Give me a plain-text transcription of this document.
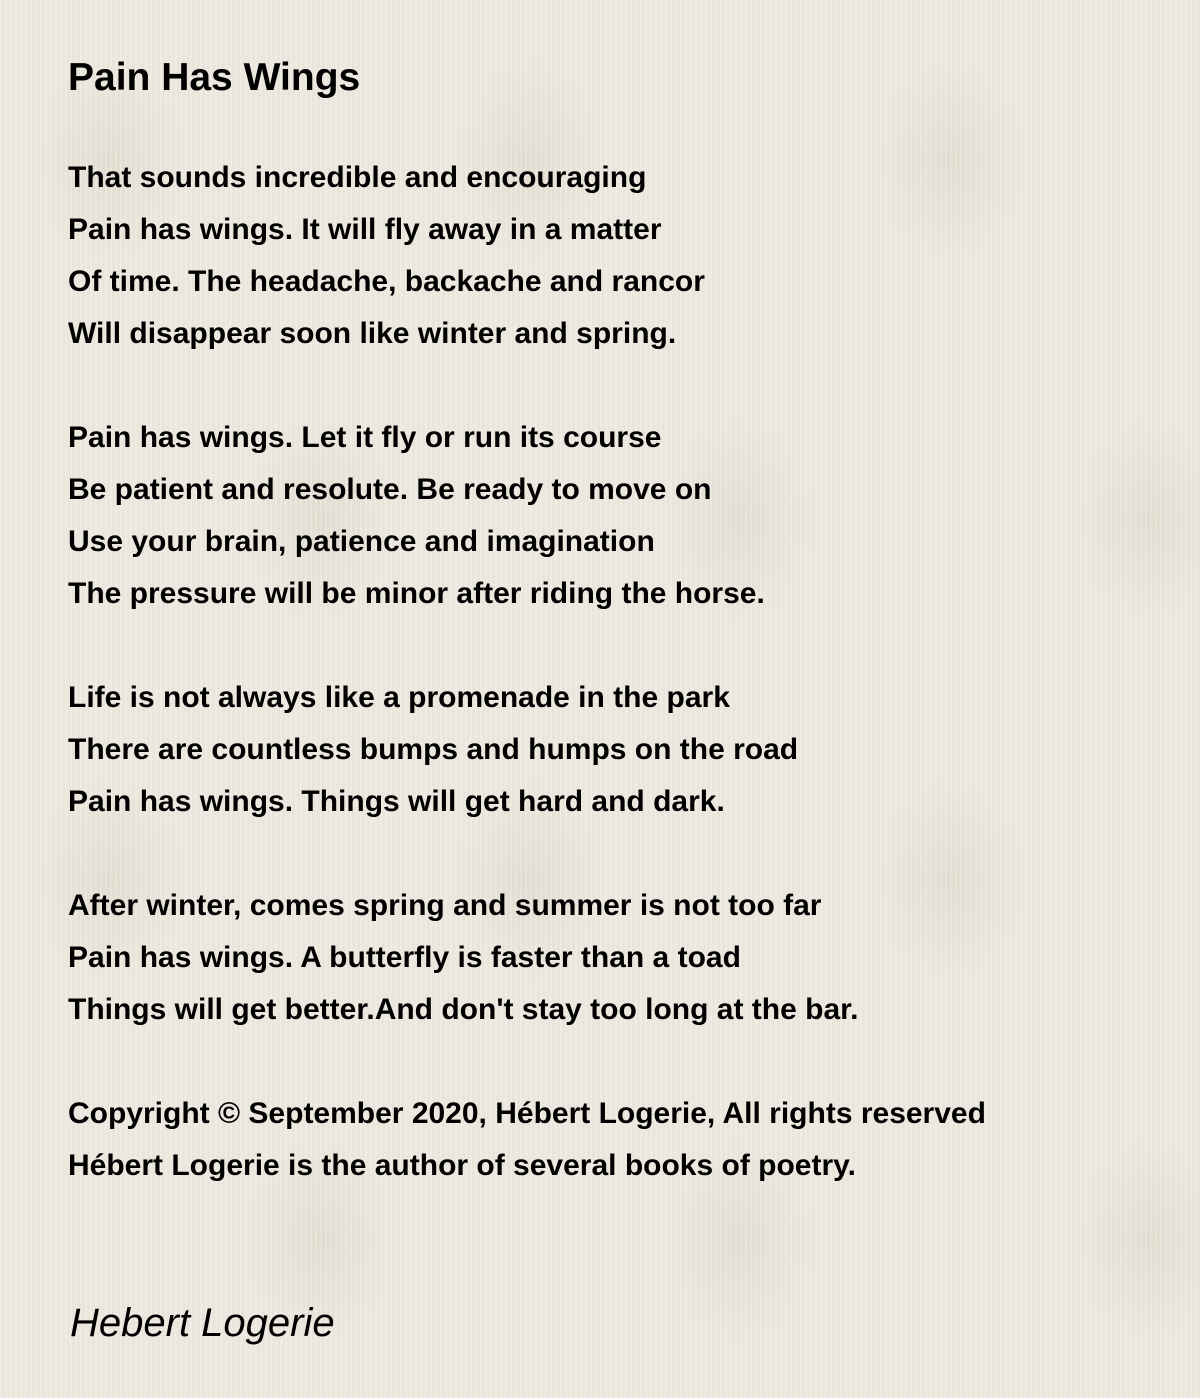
Pain Has Wings
That sounds incredible and encouraging
Pain has wings. It will fly away in a matter
Of time. The headache, backache and rancor
Will disappear soon like winter and spring.
Pain has wings. Let it fly or run its course
Be patient and resolute. Be ready to move on
Use your brain, patience and imagination
The pressure will be minor after riding the horse.
Life is not always like a promenade in the park
There are countless bumps and humps on the road
Pain has wings. Things will get hard and dark.
After winter, comes spring and summer is not too far
Pain has wings. A butterfly is faster than a toad
Things will get better.And don't stay too long at the bar.
Copyright © September 2020, Hébert Logerie, All rights reserved
Hébert Logerie is the author of several books of poetry.
Hebert Logerie
